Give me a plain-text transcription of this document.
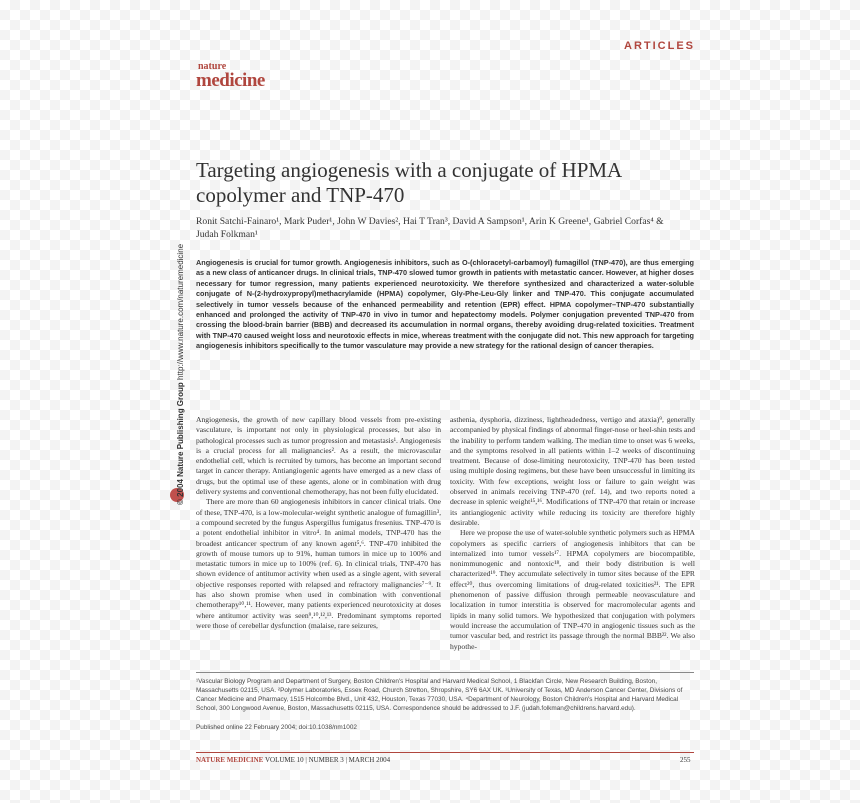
ARTICLES
nature
medicine
© 2004 Nature Publishing Group http://www.nature.com/naturemedicine
Targeting angiogenesis with a conjugate of HPMA copolymer and TNP-470
Ronit Satchi-Fainaro¹, Mark Puder¹, John W Davies², Hai T Tran³, David A Sampson¹, Arin K Greene¹, Gabriel Corfas⁴ & Judah Folkman¹
Angiogenesis is crucial for tumor growth. Angiogenesis inhibitors, such as O-(chloracetyl-carbamoyl) fumagillol (TNP-470), are thus emerging as a new class of anticancer drugs. In clinical trials, TNP-470 slowed tumor growth in patients with metastatic cancer. However, at higher doses necessary for tumor regression, many patients experienced neurotoxicity. We therefore synthesized and characterized a water-soluble conjugate of N-(2-hydroxypropyl)methacrylamide (HPMA) copolymer, Gly-Phe-Leu-Gly linker and TNP-470. This conjugate accumulated selectively in tumor vessels because of the enhanced permeability and retention (EPR) effect. HPMA copolymer–TNP-470 substantially enhanced and prolonged the activity of TNP-470 in vivo in tumor and hepatectomy models. Polymer conjugation prevented TNP-470 from crossing the blood-brain barrier (BBB) and decreased its accumulation in normal organs, thereby avoiding drug-related toxicities. Treatment with TNP-470 caused weight loss and neurotoxic effects in mice, whereas treatment with the conjugate did not. This new approach for targeting angiogenesis inhibitors specifically to the tumor vasculature may provide a new strategy for the rational design of cancer therapies.

Angiogenesis, the growth of new capillary blood vessels from pre-existing vasculature, is important not only in physiological processes, but also in pathological processes such as tumor progression and metastasis¹. Angiogenesis is a crucial process for all malignancies². As a result, the microvascular endothelial cell, which is recruited by tumors, has become an important second target in cancer therapy. Antiangiogenic agents have emerged as a new class of drugs, but the optimal use of these agents, alone or in combination with drug delivery systems and conventional chemotherapy, has not been fully elucidated.

There are more than 60 angiogenesis inhibitors in cancer clinical trials. One of these, TNP-470, is a low-molecular-weight synthetic analogue of fumagillin³, a compound secreted by the fungus Aspergillus fumigatus fresenius. TNP-470 is a potent endothelial inhibitor in vitro⁴. In animal models, TNP-470 has the broadest anticancer spectrum of any known agent⁵,⁶. TNP-470 inhibited the growth of mouse tumors up to 91%, human tumors in mice up to 100% and metastatic tumors in mice up to 100% (ref. 6). In clinical trials, TNP-470 has shown evidence of antitumor activity when used as a single agent, with several objective responses reported with relapsed and refractory malignancies⁷⁻⁹. It has also shown promise when used in combination with conventional chemotherapy¹⁰,¹¹. However, many patients experienced neurotoxicity at doses where antitumor activity was seen⁹,¹⁰,¹²,¹³. Predominant symptoms reported were those of cerebellar dysfunction (malaise, rare seizures,

asthenia, dysphoria, dizziness, lightheadedness, vertigo and ataxia)⁹, generally accompanied by physical findings of abnormal finger-nose or heel-shin tests and the inability to perform tandem walking. The median time to onset was 6 weeks, and the symptoms resolved in all patients within 1–2 weeks of discontinuing treatment. Because of dose-limiting neurotoxicity, TNP-470 has been tested using multiple dosing regimens, but these have been unsuccessful in limiting its toxicity. With few exceptions, weight loss or failure to gain weight was observed in animals receiving TNP-470 (ref. 14), and two reports noted a decrease in splenic weight¹⁵,¹⁶. Modifications of TNP-470 that retain or increase its antiangiogenic activity while reducing its toxicity are therefore highly desirable.

Here we propose the use of water-soluble synthetic polymers such as HPMA copolymers as specific carriers of angiogenesis inhibitors that can be internalized into tumor vessels¹⁷. HPMA copolymers are biocompatible, nonimmunogenic and nontoxic¹⁸, and their body distribution is well characterized¹⁹. They accumulate selectively in tumor sites because of the EPR effect²⁰, thus overcoming limitations of drug-related toxicities²¹. The EPR phenomenon of passive diffusion through permeable neovasculature and localization in tumor interstitia is observed for macromolecular agents and lipids in many solid tumors. We hypothesized that conjugation with polymers would increase the accumulation of TNP-470 in angiogenic tissues such as the tumor vascular bed, and restrict its passage through the normal BBB²². We also hypothe-

¹Vascular Biology Program and Department of Surgery, Boston Children's Hospital and Harvard Medical School, 1 Blackfan Circle, New Research Building, Boston, Massachusetts 02115, USA. ²Polymer Laboratories, Essex Road, Church Stretton, Shropshire, SY6 6AX UK. ³University of Texas, MD Anderson Cancer Center, Divisions of Cancer Medicine and Pharmacy, 1515 Holcombe Blvd., Unit 432, Houston, Texas 77030, USA. ⁴Department of Neurology, Boston Children's Hospital and Harvard Medical School, 300 Longwood Avenue, Boston, Massachusetts 02115, USA. Correspondence should be addressed to J.F. (judah.folkman@childrens.harvard.edu).
Published online 22 February 2004; doi:10.1038/nm1002
NATURE MEDICINE VOLUME 10 | NUMBER 3 | MARCH 2004	255
